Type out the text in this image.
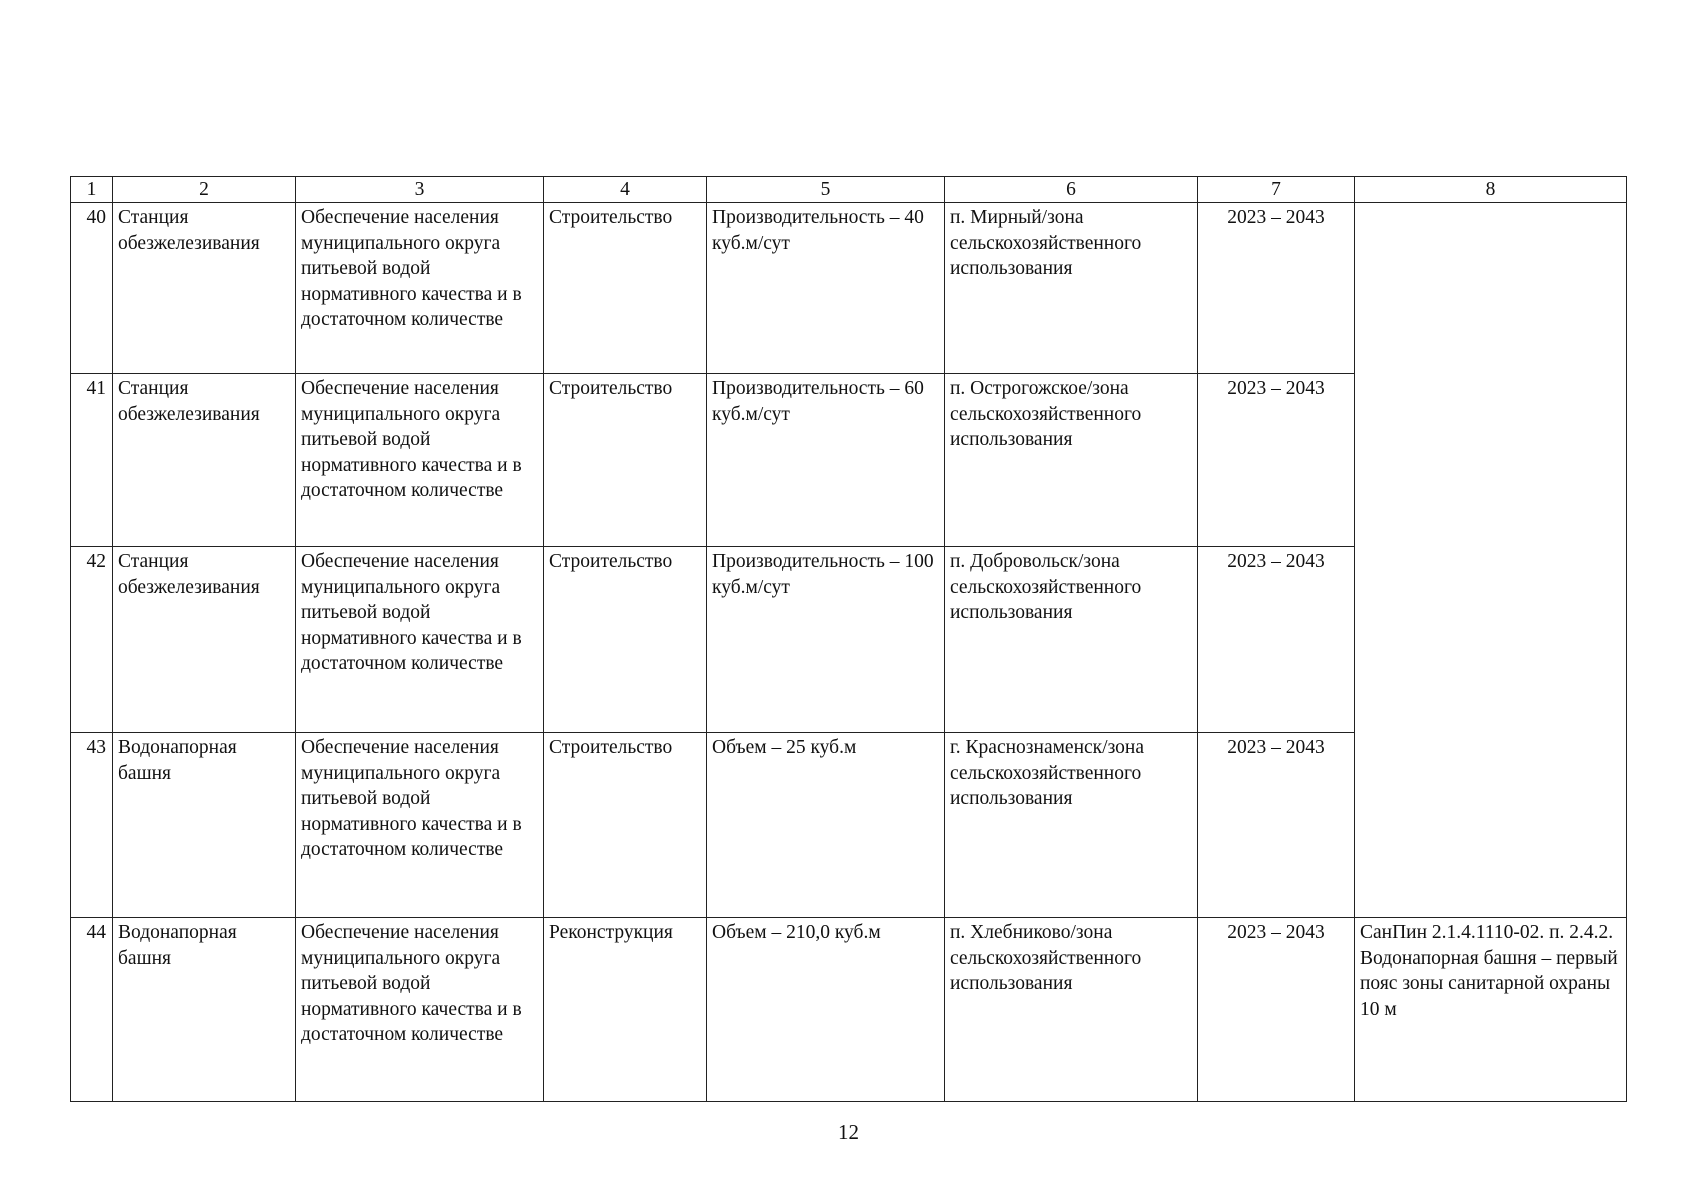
1	2	3	4	5	6	7	8
40	Станция обезжелезивания	Обеспечение населения муниципального округа питьевой водой нормативного качества и в достаточном количестве	Строительство	Производительность – 40 куб.м/сут	п. Мирный/зона сельскохозяйственного использования	2023 – 2043	
41	Станция обезжелезивания	Обеспечение населения муниципального округа питьевой водой нормативного качества и в достаточном количестве	Строительство	Производительность – 60 куб.м/сут	п. Острогожское/зона сельскохозяйственного использования	2023 – 2043	
42	Станция обезжелезивания	Обеспечение населения муниципального округа питьевой водой нормативного качества и в достаточном количестве	Строительство	Производительность – 100 куб.м/сут	п. Добровольск/зона сельскохозяйственного использования	2023 – 2043	
43	Водонапорная башня	Обеспечение населения муниципального округа питьевой водой нормативного качества и в достаточном количестве	Строительство	Объем – 25 куб.м	г. Краснознаменск/зона сельскохозяйственного использования	2023 – 2043	
44	Водонапорная башня	Обеспечение населения муниципального округа питьевой водой нормативного качества и в достаточном количестве	Реконструкция	Объем – 210,0 куб.м	п. Хлебниково/зона сельскохозяйственного использования	2023 – 2043	СанПин 2.1.4.1110-02. п. 2.4.2. Водонапорная башня – первый пояс зоны санитарной охраны 10 м
12
